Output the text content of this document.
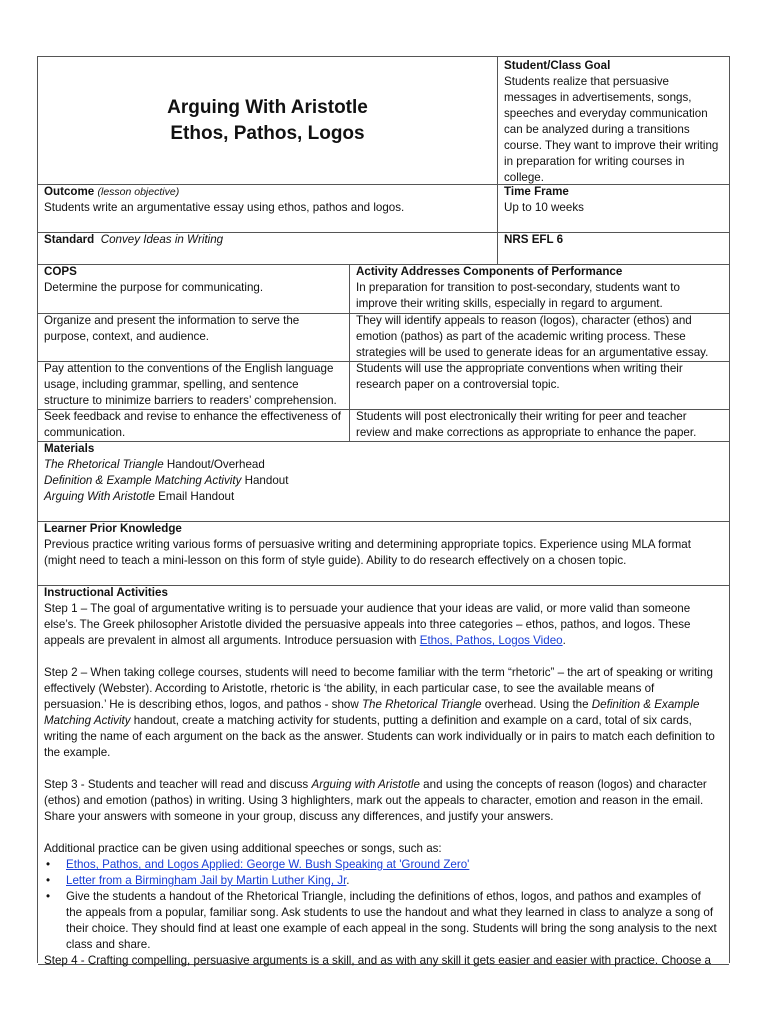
Arguing With Aristotle
Ethos, Pathos, Logos
Student/Class Goal
Students realize that persuasive messages in advertisements, songs, speeches and everyday communication can be analyzed during a transitions course. They want to improve their writing in preparation for writing courses in college.
Outcome (lesson objective)
Students write an argumentative essay using ethos, pathos and logos.
Time Frame
Up to 10 weeks
Standard Convey Ideas in Writing	NRS EFL 6
COPS
Determine the purpose for communicating.
Activity Addresses Components of Performance
In preparation for transition to post-secondary, students want to improve their writing skills, especially in regard to argument.
Organize and present the information to serve the purpose, context, and audience.
They will identify appeals to reason (logos), character (ethos) and emotion (pathos) as part of the academic writing process. These strategies will be used to generate ideas for an argumentative essay.
Pay attention to the conventions of the English language usage, including grammar, spelling, and sentence structure to minimize barriers to readers’ comprehension.
Students will use the appropriate conventions when writing their research paper on a controversial topic.
Seek feedback and revise to enhance the effectiveness of communication.
Students will post electronically their writing for peer and teacher review and make corrections as appropriate to enhance the paper.
Materials
The Rhetorical Triangle Handout/Overhead
Definition & Example Matching Activity Handout
Arguing With Aristotle Email Handout
Learner Prior Knowledge
Previous practice writing various forms of persuasive writing and determining appropriate topics. Experience using MLA format (might need to teach a mini-lesson on this form of style guide). Ability to do research effectively on a chosen topic.
Instructional Activities

Step 1 – The goal of argumentative writing is to persuade your audience that your ideas are valid, or more valid than someone else’s. The Greek philosopher Aristotle divided the persuasive appeals into three categories – ethos, pathos, and logos. These appeals are prevalent in almost all arguments. Introduce persuasion with Ethos, Pathos, Logos Video.

Step 2 – When taking college courses, students will need to become familiar with the term “rhetoric” – the art of speaking or writing effectively (Webster). According to Aristotle, rhetoric is ‘the ability, in each particular case, to see the available means of persuasion.’ He is describing ethos, logos, and pathos - show The Rhetorical Triangle overhead. Using the Definition & Example Matching Activity handout, create a matching activity for students, putting a definition and example on a card, total of six cards, writing the name of each argument on the back as the answer. Students can work individually or in pairs to match each definition to the example.

Step 3 - Students and teacher will read and discuss Arguing with Aristotle and using the concepts of reason (logos) and character (ethos) and emotion (pathos) in writing. Using 3 highlighters, mark out the appeals to character, emotion and reason in the email. Share your answers with someone in your group, discuss any differences, and justify your answers.

Additional practice can be given using additional speeches or songs, such as:

• Ethos, Pathos, and Logos Applied: George W. Bush Speaking at 'Ground Zero'
• Letter from a Birmingham Jail by Martin Luther King, Jr.
• Give the students a handout of the Rhetorical Triangle, including the definitions of ethos, logos, and pathos and examples of the appeals from a popular, familiar song. Ask students to use the handout and what they learned in class to analyze a song of their choice. They should find at least one example of each appeal in the song. Students will bring the song analysis to the next class and share.

Step 4 - Crafting compelling, persuasive arguments is a skill, and as with any skill it gets easier and easier with practice. Choose a
